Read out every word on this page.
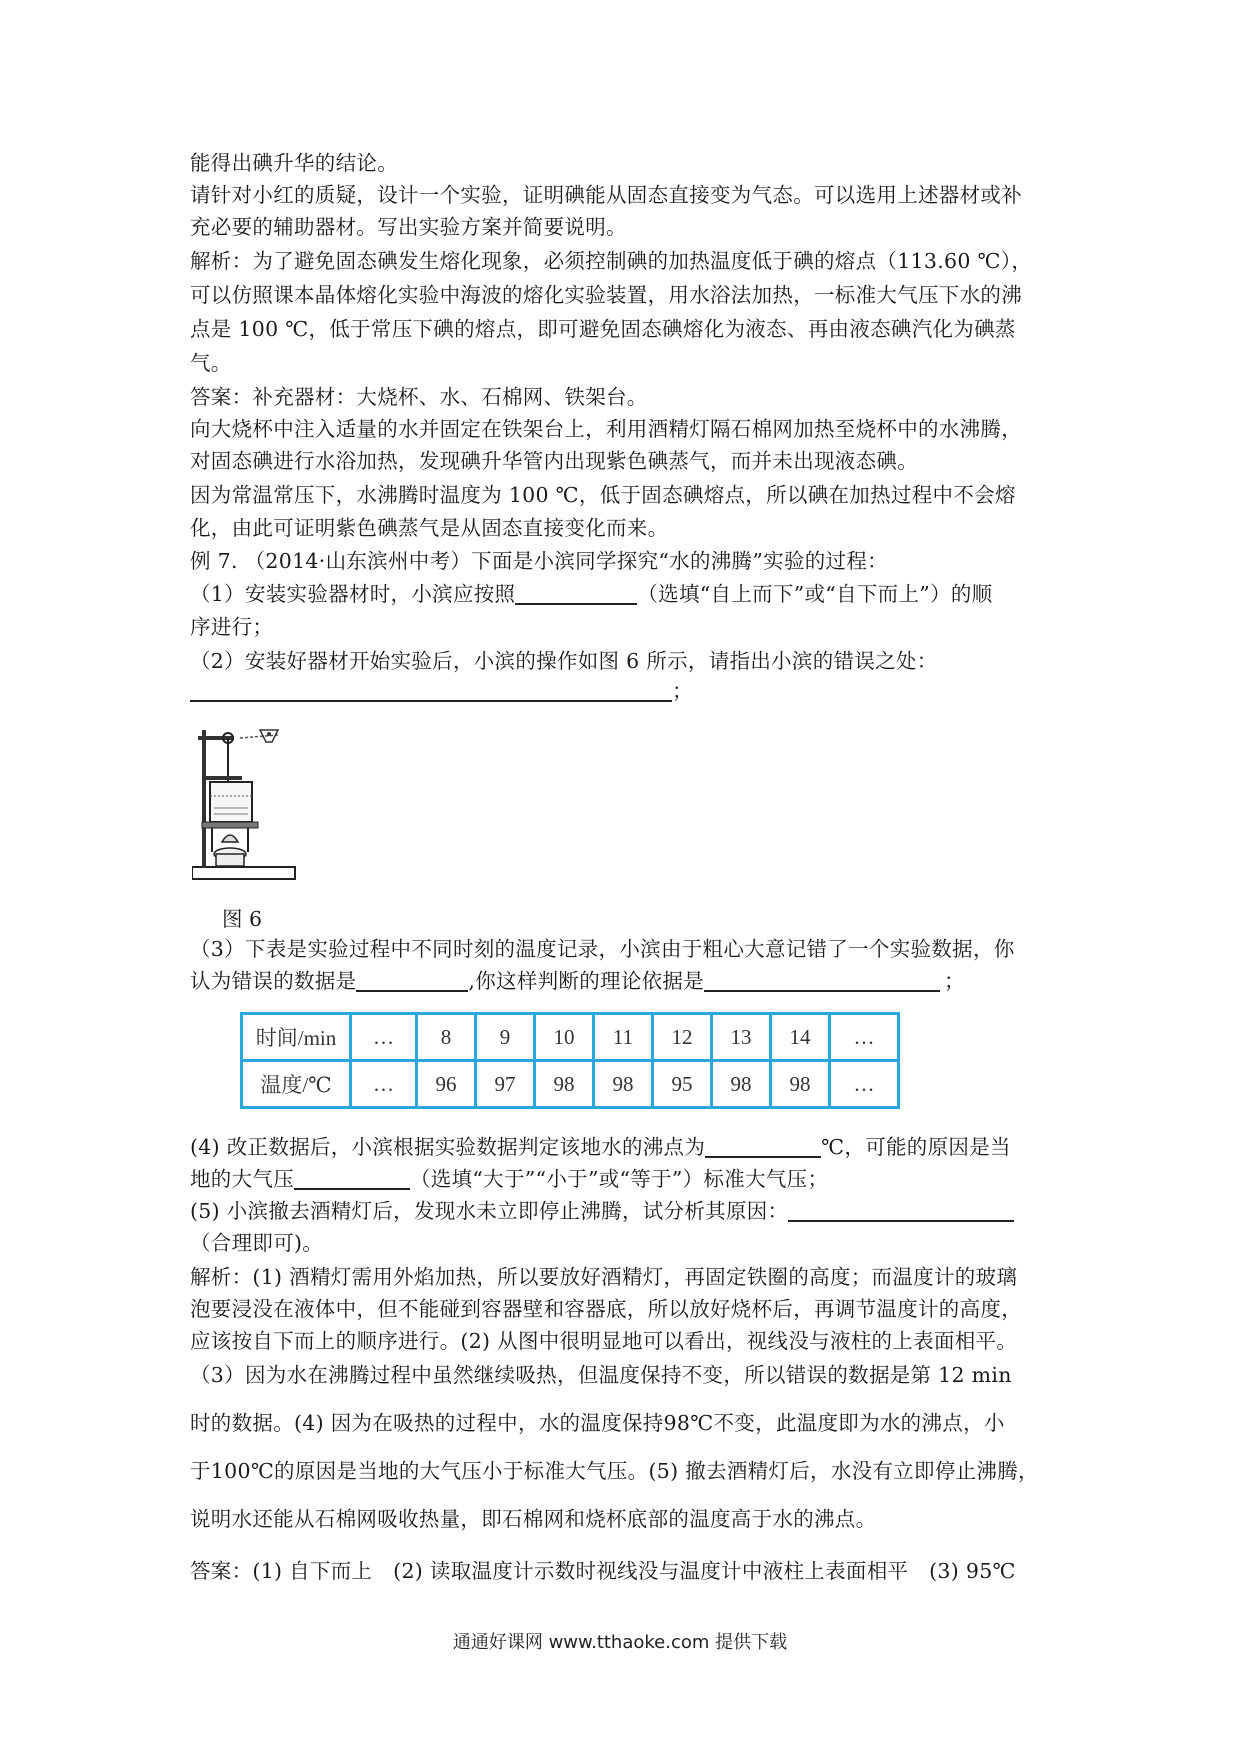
能得出碘升华的结论。
请针对小红的质疑，设计一个实验，证明碘能从固态直接变为气态。可以选用上述器材或补
充必要的辅助器材。写出实验方案并简要说明。
解析：为了避免固态碘发生熔化现象，必须控制碘的加热温度低于碘的熔点（113.60 ℃），
可以仿照课本晶体熔化实验中海波的熔化实验装置，用水浴法加热，一标准大气压下水的沸
点是 100 ℃，低于常压下碘的熔点，即可避免固态碘熔化为液态、再由液态碘汽化为碘蒸
气。
答案：补充器材：大烧杯、水、石棉网、铁架台。
向大烧杯中注入适量的水并固定在铁架台上，利用酒精灯隔石棉网加热至烧杯中的水沸腾，
对固态碘进行水浴加热，发现碘升华管内出现紫色碘蒸气，而并未出现液态碘。
因为常温常压下，水沸腾时温度为 100 ℃，低于固态碘熔点，所以碘在加热过程中不会熔
化，由此可证明紫色碘蒸气是从固态直接变化而来。
例 7. （2014·山东滨州中考）下面是小滨同学探究“水的沸腾”实验的过程：
（1）安装实验器材时，小滨应按照	（选填“自上而下”或“自下而上”）的顺
序进行；
（2）安装好器材开始实验后，小滨的操作如图 6 所示，请指出小滨的错误之处：
；
图 6
（3）下表是实验过程中不同时刻的温度记录，小滨由于粗心大意记错了一个实验数据，你
认为错误的数据是	,你这样判断的理论依据是	；
时间/min	…	8	9	10	11	12	13	14	…
温度/℃	…	96	97	98	98	95	98	98	…
(4) 改正数据后，小滨根据实验数据判定该地水的沸点为	℃，可能的原因是当
地的大气压	（选填“大于”“小于”或“等于”）标准大气压；
(5) 小滨撤去酒精灯后，发现水未立即停止沸腾，试分析其原因：
（合理即可)。
解析：(1) 酒精灯需用外焰加热，所以要放好酒精灯，再固定铁圈的高度；而温度计的玻璃
泡要浸没在液体中，但不能碰到容器壁和容器底，所以放好烧杯后，再调节温度计的高度，
应该按自下而上的顺序进行。(2) 从图中很明显地可以看出，视线没与液柱的上表面相平。
（3）因为水在沸腾过程中虽然继续吸热，但温度保持不变，所以错误的数据是第 12 min
时的数据。(4) 因为在吸热的过程中，水的温度保持98℃不变，此温度即为水的沸点，小
于100℃的原因是当地的大气压小于标准大气压。(5) 撤去酒精灯后，水没有立即停止沸腾，
说明水还能从石棉网吸收热量，即石棉网和烧杯底部的温度高于水的沸点。
答案：(1) 自下而上　(2) 读取温度计示数时视线没与温度计中液柱上表面相平　(3) 95℃
通通好课网 www.tthaoke.com 提供下载
